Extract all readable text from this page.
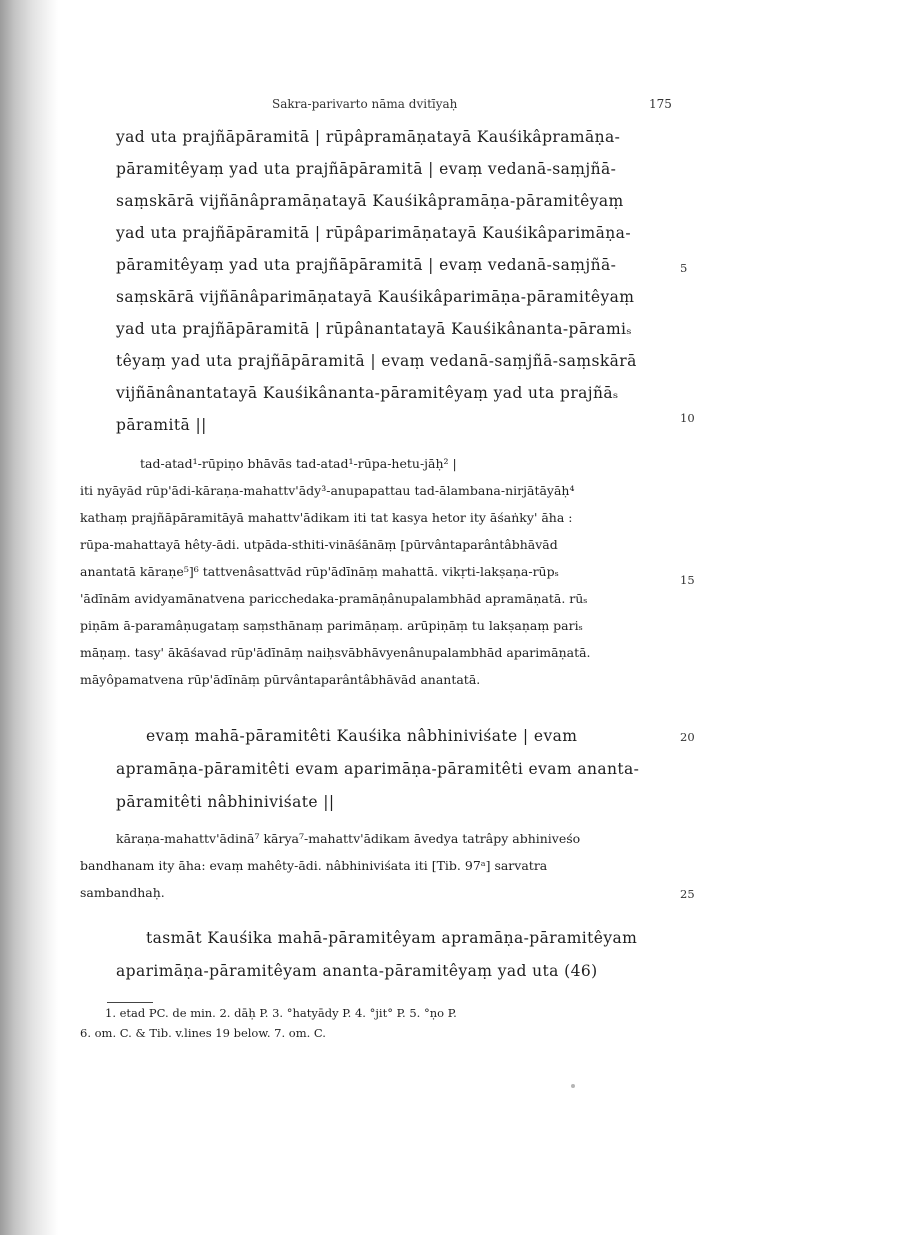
Sakra-parivarto nāma dvitīyaḥ	175
yad uta prajñāpāramitā | rūpâpramāṇatayā Kauśikâpramāṇa-
pāramitêyaṃ yad uta prajñāpāramitā | evaṃ vedanā-saṃjñā-
saṃskārā vijñānâpramāṇatayā Kauśikâpramāṇa-pāramitêyaṃ
yad uta prajñāpāramitā | rūpâparimāṇatayā Kauśikâparimāṇa-
pāramitêyaṃ yad uta prajñāpāramitā | evaṃ vedanā-saṃjñā-
saṃskārā vijñānâparimāṇatayā Kauśikâparimāṇa-pāramitêyaṃ
yad uta prajñāpāramitā | rūpânantatayā Kauśikânanta-pāramiₛ
têyaṃ yad uta prajñāpāramitā | evaṃ vedanā-saṃjñā-saṃskārā
vijñānânantatayā Kauśikânanta-pāramitêyaṃ yad uta prajñāₛ
pāramitā ||
tad-atad¹-rūpiṇo bhāvās tad-atad¹-rūpa-hetu-jāḥ² |
iti nyāyād rūp'ādi-kāraṇa-mahattv'ādy³-anupapattau tad-ālambana-nirjātāyāḥ⁴
kathaṃ prajñāpāramitāyā mahattv'ādikam iti tat kasya hetor ity āśaṅky' āha :
rūpa-mahattayā hêty-ādi. utpāda-sthiti-vināśānāṃ [pūrvântaparântâbhāvād
anantatā kāraṇe⁵]⁶ tattvenâsattvād rūp'ādīnāṃ mahattā. vikṛti-lakṣaṇa-rūpₛ
'ādīnām avidyamānatvena paricchedaka-pramāṇânupalambhād apramāṇatā. rūₛ
piṇām ā-paramâṇugataṃ saṃsthānaṃ parimāṇaṃ. arūpiṇāṃ tu lakṣaṇaṃ pariₛ
māṇaṃ. tasy' ākāśavad rūp'ādīnāṃ naiḥsvābhāvyenânupalambhād aparimāṇatā.
māyôpamatvena rūp'ādīnāṃ pūrvântaparântâbhāvād anantatā.
evaṃ mahā-pāramitêti Kauśika nâbhiniviśate | evam
apramāṇa-pāramitêti evam aparimāṇa-pāramitêti evam ananta-
pāramitêti nâbhiniviśate ||
kāraṇa-mahattv'ādinā⁷ kārya⁷-mahattv'ādikam āvedya tatrâpy abhiniveśo
bandhanam ity āha: evaṃ mahêty-ādi. nâbhiniviśata iti [Tib. 97ᵃ] sarvatra
sambandhaḥ.
tasmāt Kauśika mahā-pāramitêyam apramāṇa-pāramitêyam
aparimāṇa-pāramitêyam ananta-pāramitêyaṃ yad uta (46)
5
10
15
20
25
1. etad PC. de min. 2. dāḥ P. 3. °hatyādy P. 4. °jit° P. 5. °ṇo P.
6. om. C. & Tib. v.lines 19 below. 7. om. C.
